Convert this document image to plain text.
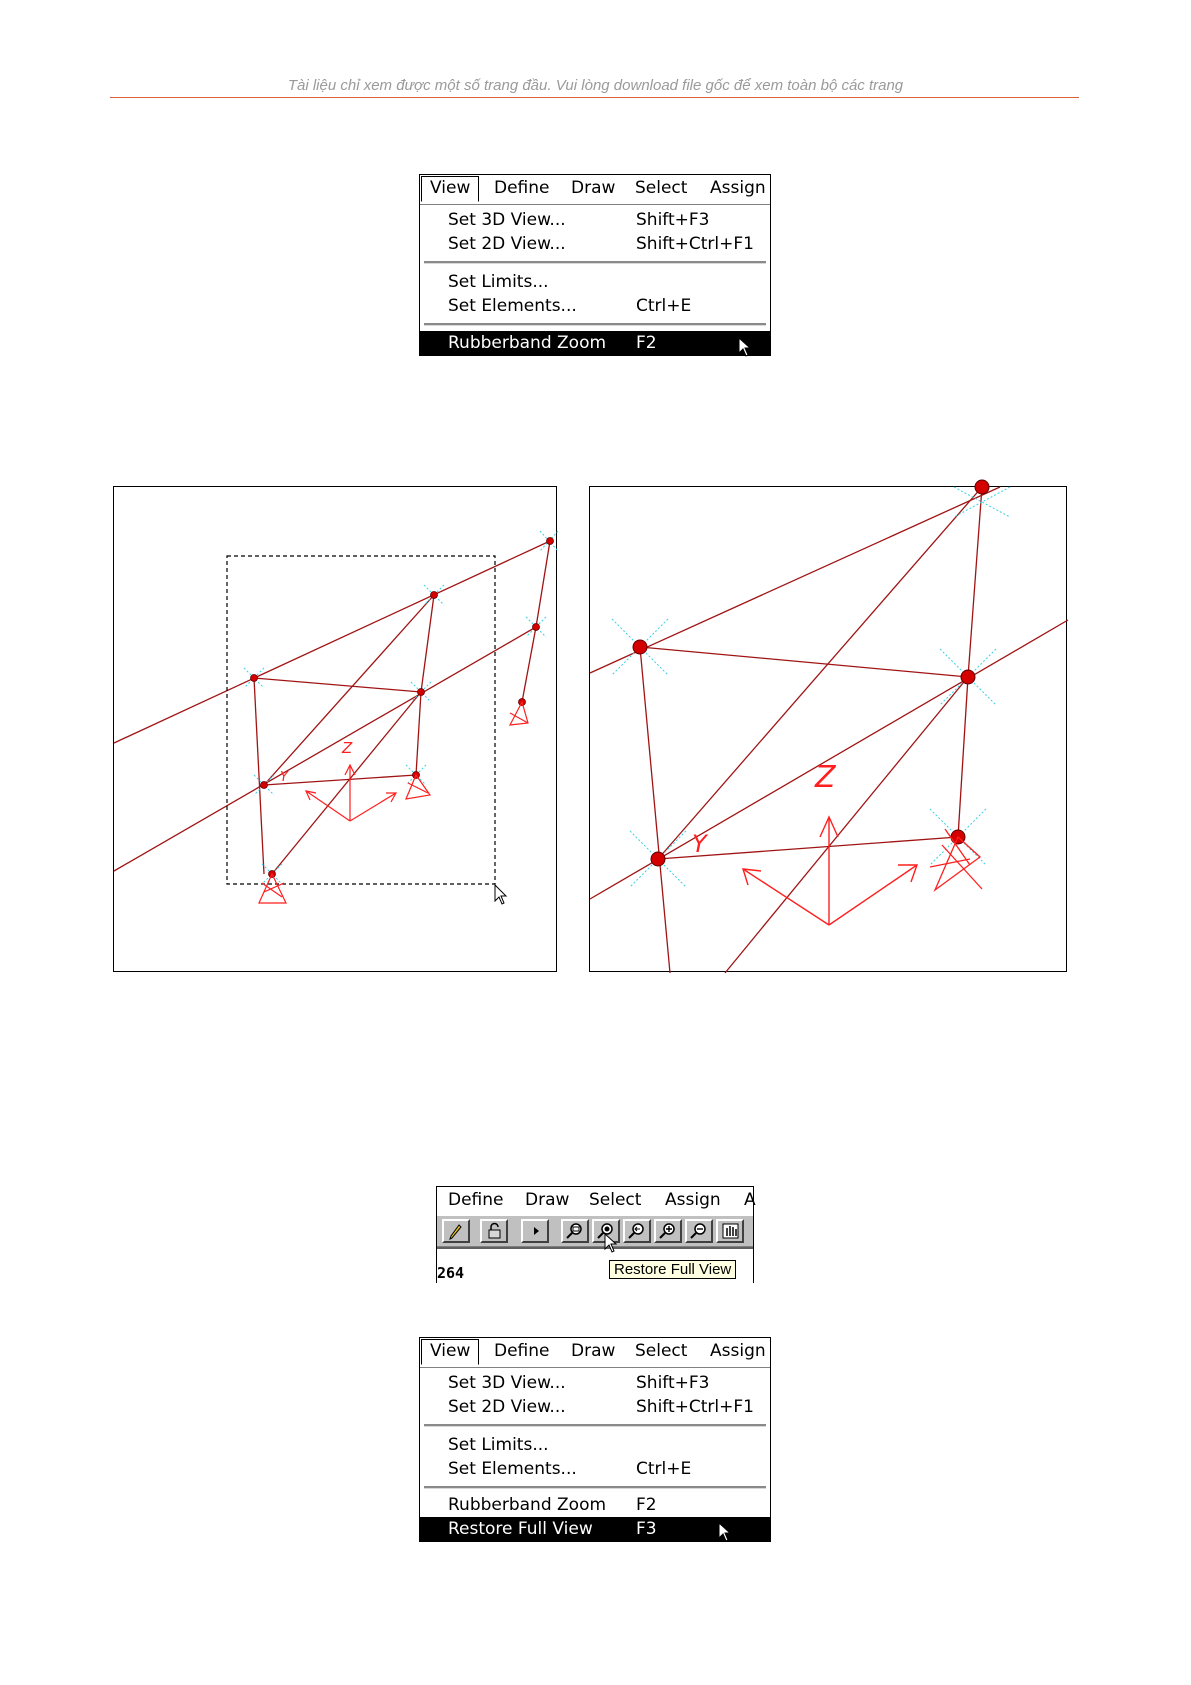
Tài liệu chỉ xem được một số trang đầu. Vui lòng download file gốc để xem toàn bộ các trang
View	Define Draw Select Assign
Set 3D View...	Shift+F3
Set 2D View...	Shift+Ctrl+F1
Set Limits...
Set Elements...	Ctrl+E
Rubberband Zoom F2
Z
Y	Z
Y
Define Draw Select Assign A
264	Restore Full View
View	Define Draw Select Assign
Set 3D View...	Shift+F3
Set 2D View...	Shift+Ctrl+F1
Set Limits...
Set Elements...	Ctrl+E
Rubberband Zoom F2
Restore Full View	F3
